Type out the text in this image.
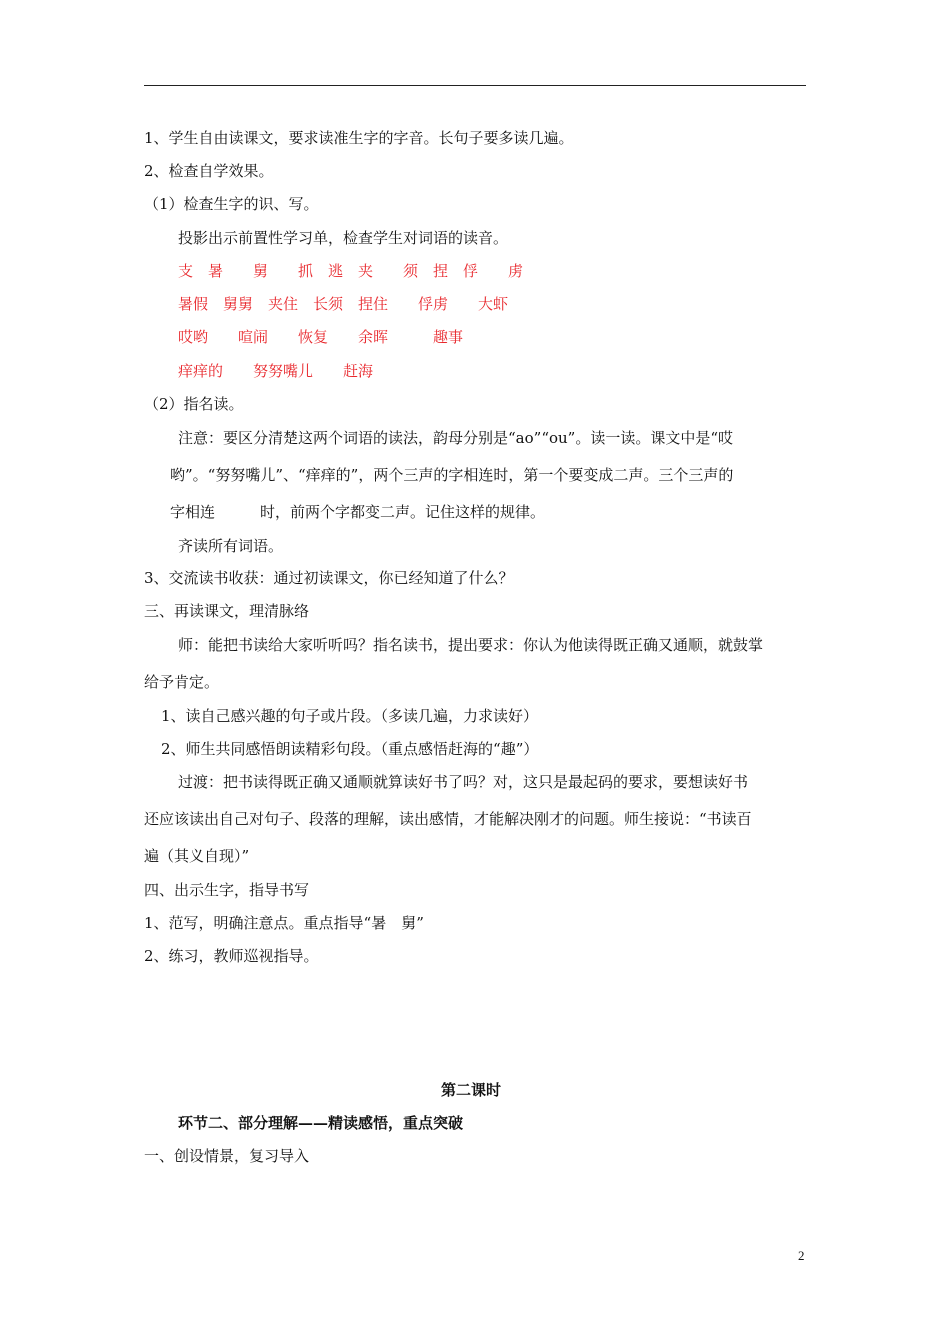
1、学生自由读课文，要求读准生字的字音。长句子要多读几遍。
2、检查自学效果。
（1）检查生字的识、写。
投影出示前置性学习单，检查学生对词语的读音。
支　暑　　舅　　抓　逃　夹　　须　捏　俘　　虏
暑假　舅舅　夹住　长须　捏住　　俘虏　　大虾
哎哟　　喧闹　　恢复　　余晖　　　趣事
痒痒的　　努努嘴儿　　赶海
（2）指名读。
注意：要区分清楚这两个词语的读法，韵母分别是“ao”“ou”。读一读。课文中是“哎
哟”。“努努嘴儿”、“痒痒的”，两个三声的字相连时，第一个要变成二声。三个三声的
字相连　　　时，前两个字都变二声。记住这样的规律。
齐读所有词语。
3、交流读书收获：通过初读课文，你已经知道了什么？
三、再读课文，理清脉络
师：能把书读给大家听听吗？指名读书，提出要求：你认为他读得既正确又通顺，就鼓掌
给予肯定。
1、读自己感兴趣的句子或片段。（多读几遍，力求读好）
2、师生共同感悟朗读精彩句段。（重点感悟赶海的“趣”）
过渡：把书读得既正确又通顺就算读好书了吗？对，这只是最起码的要求，要想读好书
还应该读出自己对句子、段落的理解，读出感情，才能解决刚才的问题。师生接说：“书读百
遍（其义自现）”
四、出示生字，指导书写
1、范写，明确注意点。重点指导“暑　舅”
2、练习，教师巡视指导。
第二课时
环节二、部分理解——精读感悟，重点突破
一、创设情景，复习导入
2
